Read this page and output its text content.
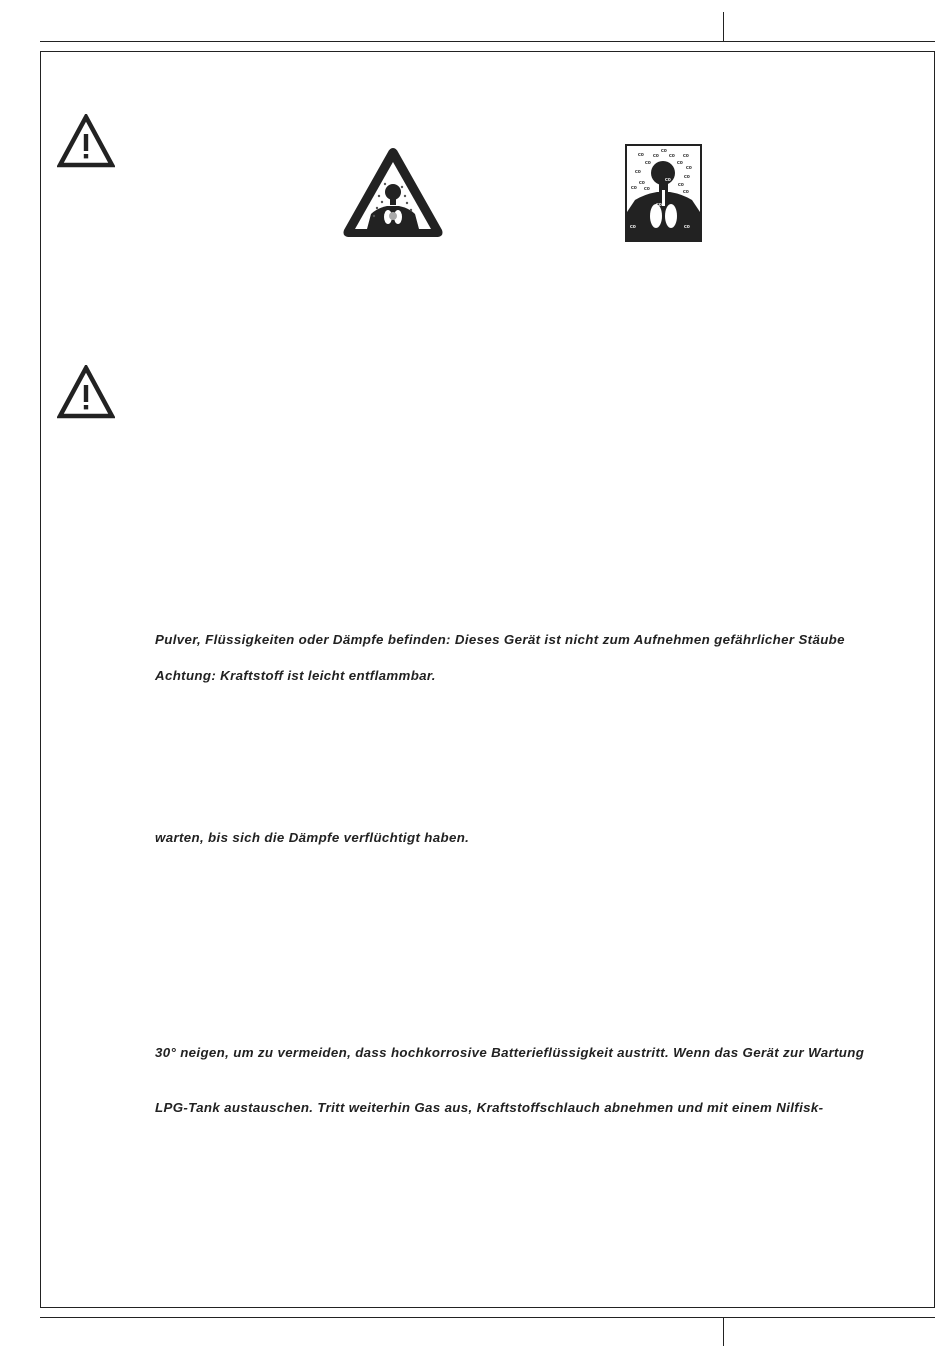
co
co co co co
co	co
co
co
co
co
co
co	co
co
co
co
co co
co	co
Pulver, Flüssigkeiten oder Dämpfe befinden: Dieses Gerät ist nicht zum Aufnehmen gefährlicher Stäube
Achtung: Kraftstoff ist leicht entflammbar.
warten, bis sich die Dämpfe verflüchtigt haben.
30° neigen, um zu vermeiden, dass hochkorrosive Batterieflüssigkeit austritt. Wenn das Gerät zur Wartung
LPG-Tank austauschen. Tritt weiterhin Gas aus, Kraftstoffschlauch abnehmen und mit einem Nilfisk-
